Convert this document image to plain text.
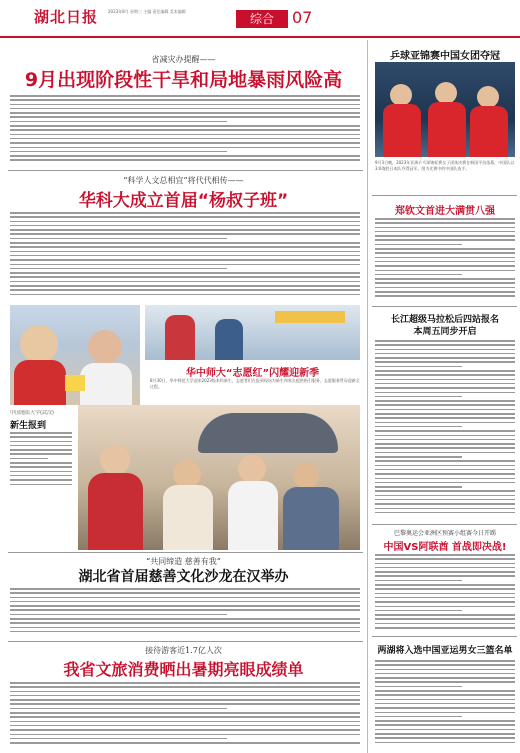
湖北日报 2023年8月 星期三 主编 责任编辑 美术编辑
综合	07
省减灾办提醒——
9月出现阶段性干旱和局地暴雨风险高
“科学人文总相宜”将代代相传——
华科大成立首届“杨叔子班”
华中师大“志愿红”闪耀迎新季
8月30日，华中师范大学迎来2023级本科新生，志愿者们在报到现场为新生和家长提供指引服务，志愿服务贯穿迎新全过程。
中国地质大学(武汉)
新生报到
“共同缔造 慈善有我”
湖北省首届慈善文化沙龙在汉举办
接待游客近1.7亿人次
我省文旅消费晒出暑期亮眼成绩单
乒球亚锦赛中国女团夺冠
9月3日晚，2023年亚洲乒乓球锦标赛女子团体决赛在韩国平昌落幕，中国队以3:0战胜日本队夺得冠军。图为比赛中的中国队选手。
郑钦文首进大满贯八强
长江超级马拉松后四站报名
本周五同步开启
巴黎奥运会亚洲区预赛小组赛今日开踢
中国VS阿联酋 首战即决战!
两湖将入选中国亚运男女三篮名单
